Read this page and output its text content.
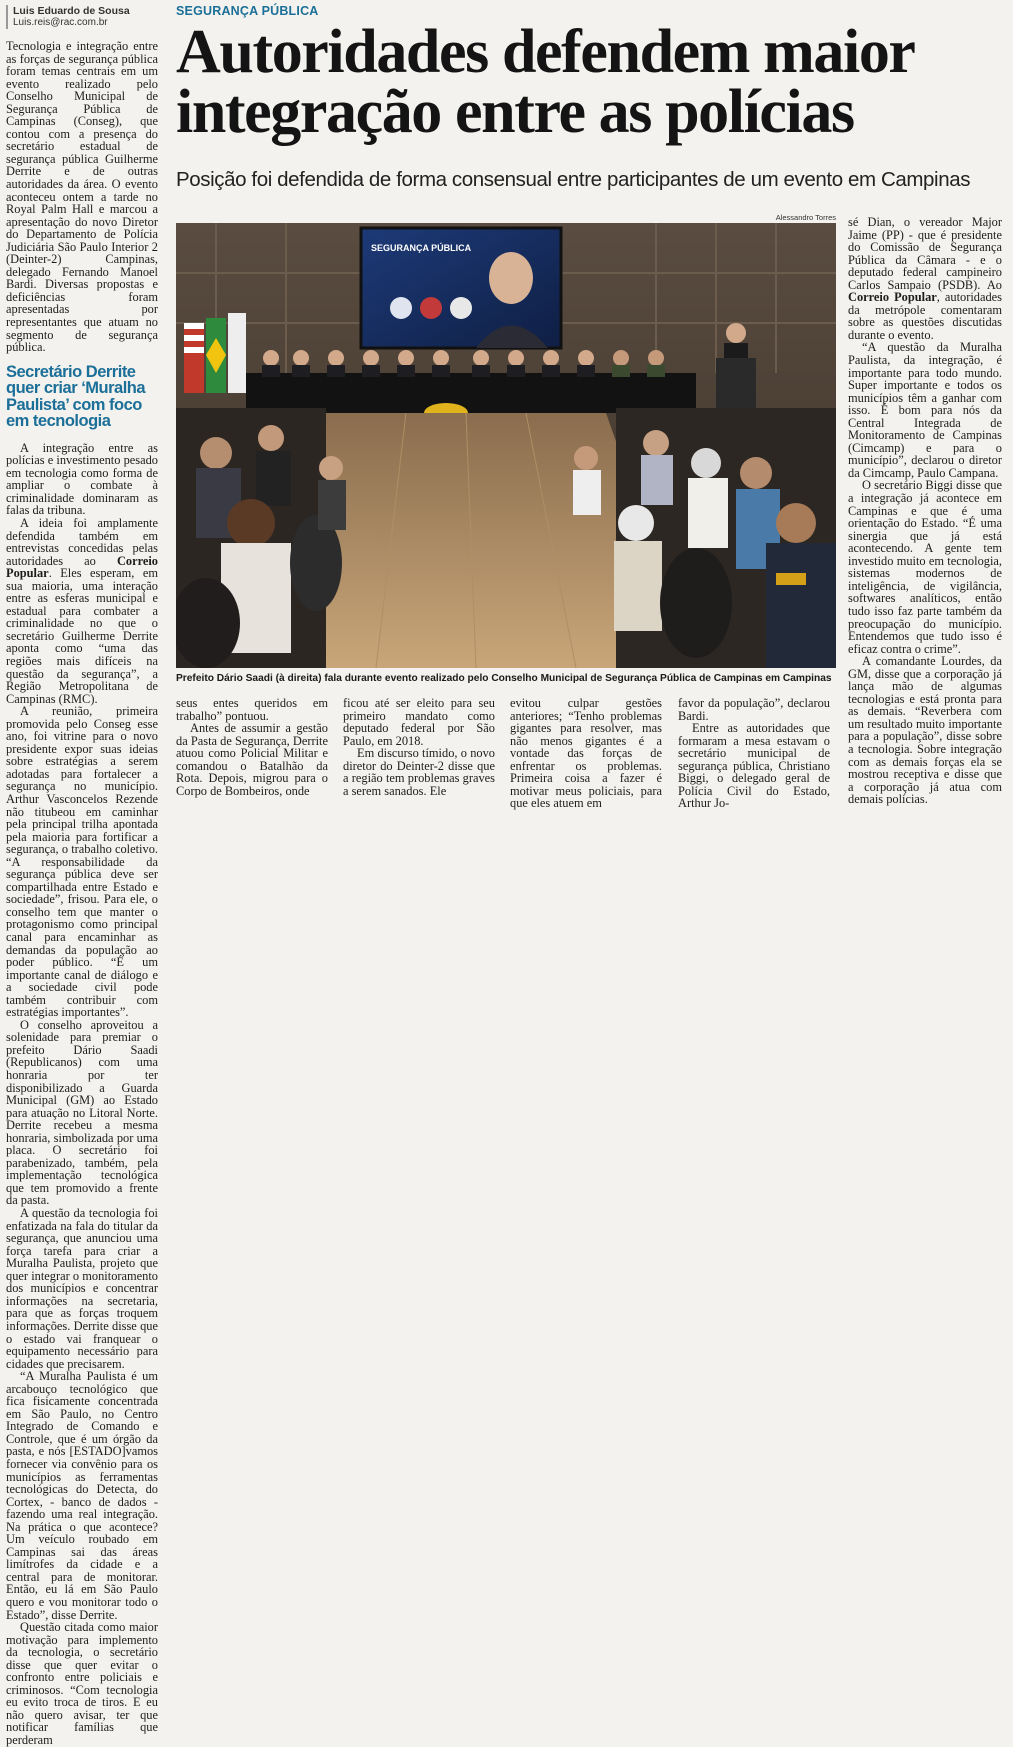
Luis Eduardo de Sousa
Luis.reis@rac.com.br
SEGURANÇA PÚBLICA
Autoridades defendem maior integração entre as polícias
Posição foi defendida de forma consensual entre participantes de um evento em Campinas
Alessandro Torres
SEGURANÇA PÚBLICA
Prefeito Dário Saadi (à direita) fala durante evento realizado pelo Conselho Municipal de Segurança Pública de Campinas em Campinas

Tecnologia e integração entre as forças de segurança pública foram temas centrais em um evento realizado pelo Conselho Municipal de Segurança Pública de Campinas (Conseg), que contou com a presença do secretário estadual de segurança pública Guilherme Derrite e de outras autoridades da área. O evento aconteceu ontem a tarde no Royal Palm Hall e marcou a apresentação do novo Diretor do Departamento de Polícia Judiciária São Paulo Interior 2 (Deinter-2) Campinas, delegado Fernando Manoel Bardi. Diversas propostas e deficiências foram apresentadas por representantes que atuam no segmento de segurança pública.

Secretário Derrite quer criar ‘Muralha Paulista’ com foco em tecnologia

A integração entre as polícias e investimento pesado em tecnologia como forma de ampliar o combate à criminalidade dominaram as falas da tribuna.

A ideia foi amplamente defendida também em entrevistas concedidas pelas autoridades ao Correio Popular. Eles esperam, em sua maioria, uma interação entre as esferas municipal e estadual para combater a criminalidade no que o secretário Guilherme Derrite aponta como “uma das regiões mais difíceis na questão da segurança”, a Região Metropolitana de Campinas (RMC).

A reunião, primeira promovida pelo Conseg esse ano, foi vitrine para o novo presidente expor suas ideias sobre estratégias a serem adotadas para fortalecer a segurança no município. Arthur Vasconcelos Rezende não titubeou em caminhar pela principal trilha apontada pela maioria para fortificar a segurança, o trabalho coletivo. “A responsabilidade da segurança pública deve ser compartilhada entre Estado e sociedade”, frisou. Para ele, o conselho tem que manter o protagonismo como principal canal para encaminhar as demandas da população ao poder público. “É um importante canal de diálogo e a sociedade civil pode também contribuir com estratégias importantes”.

O conselho aproveitou a solenidade para premiar o prefeito Dário Saadi (Republicanos) com uma honraria por ter disponibilizado a Guarda Municipal (GM) ao Estado para atuação no Litoral Norte. Derrite recebeu a mesma honraria, simbolizada por uma placa. O secretário foi parabenizado, também, pela implementação tecnológica que tem promovido a frente da pasta.

A questão da tecnologia foi enfatizada na fala do titular da segurança, que anunciou uma força tarefa para criar a Muralha Paulista, projeto que quer integrar o monitoramento dos municípios e concentrar informações na secretaria, para que as forças troquem informações. Derrite disse que o estado vai franquear o equipamento necessário para cidades que precisarem.

“A Muralha Paulista é um arcabouço tecnológico que fica fisicamente concentrada em São Paulo, no Centro Integrado de Comando e Controle, que é um órgão da pasta, e nós [ESTADO]vamos fornecer via convênio para os municípios as ferramentas tecnológicas do Detecta, do Cortex, - banco de dados - fazendo uma real integração. Na prática o que acontece? Um veículo roubado em Campinas sai das áreas limítrofes da cidade e a central para de monitorar. Então, eu lá em São Paulo quero e vou monitorar todo o Estado”, disse Derrite.

Questão citada como maior motivação para implemento da tecnologia, o secretário disse que quer evitar o confronto entre policiais e criminosos. “Com tecnologia eu evito troca de tiros. E eu não quero avisar, ter que notificar famílias que perderam

seus entes queridos em trabalho” pontuou.

Antes de assumir a gestão da Pasta de Segurança, Derrite atuou como Policial Militar e comandou o Batalhão da Rota. Depois, migrou para o Corpo de Bombeiros, onde

ficou até ser eleito para seu primeiro mandato como deputado federal por São Paulo, em 2018.

Em discurso tímido, o novo diretor do Deinter-2 disse que a região tem problemas graves a serem sanados. Ele

evitou culpar gestões anteriores; “Tenho problemas gigantes para resolver, mas não menos gigantes é a vontade das forças de enfrentar os problemas. Primeira coisa a fazer é motivar meus policiais, para que eles atuem em

favor da população”, declarou Bardi.

Entre as autoridades que formaram a mesa estavam o secretário municipal de segurança pública, Christiano Biggi, o delegado geral de Polícia Civil do Estado, Arthur Jo-

sé Dian, o vereador Major Jaime (PP) - que é presidente do Comissão de Segurança Pública da Câmara - e o deputado federal campineiro Carlos Sampaio (PSDB). Ao Correio Popular, autoridades da metrópole comentaram sobre as questões discutidas durante o evento.

“A questão da Muralha Paulista, da integração, é importante para todo mundo. Super importante e todos os municípios têm a ganhar com isso. É bom para nós da Central Integrada de Monitoramento de Campinas (Cimcamp) e para o município”, declarou o diretor da Cimcamp, Paulo Campana.

O secretário Biggi disse que a integração já acontece em Campinas e que é uma orientação do Estado. “É uma sinergia que já está acontecendo. A gente tem investido muito em tecnologia, sistemas modernos de inteligência, de vigilância, softwares analíticos, então tudo isso faz parte também da preocupação do município. Entendemos que tudo isso é eficaz contra o crime”.

A comandante Lourdes, da GM, disse que a corporação já lança mão de algumas tecnologias e está pronta para as demais. “Reverbera com um resultado muito importante para a população”, disse sobre a tecnologia. Sobre integração com as demais forças ela se mostrou receptiva e disse que a corporação já atua com demais polícias.
